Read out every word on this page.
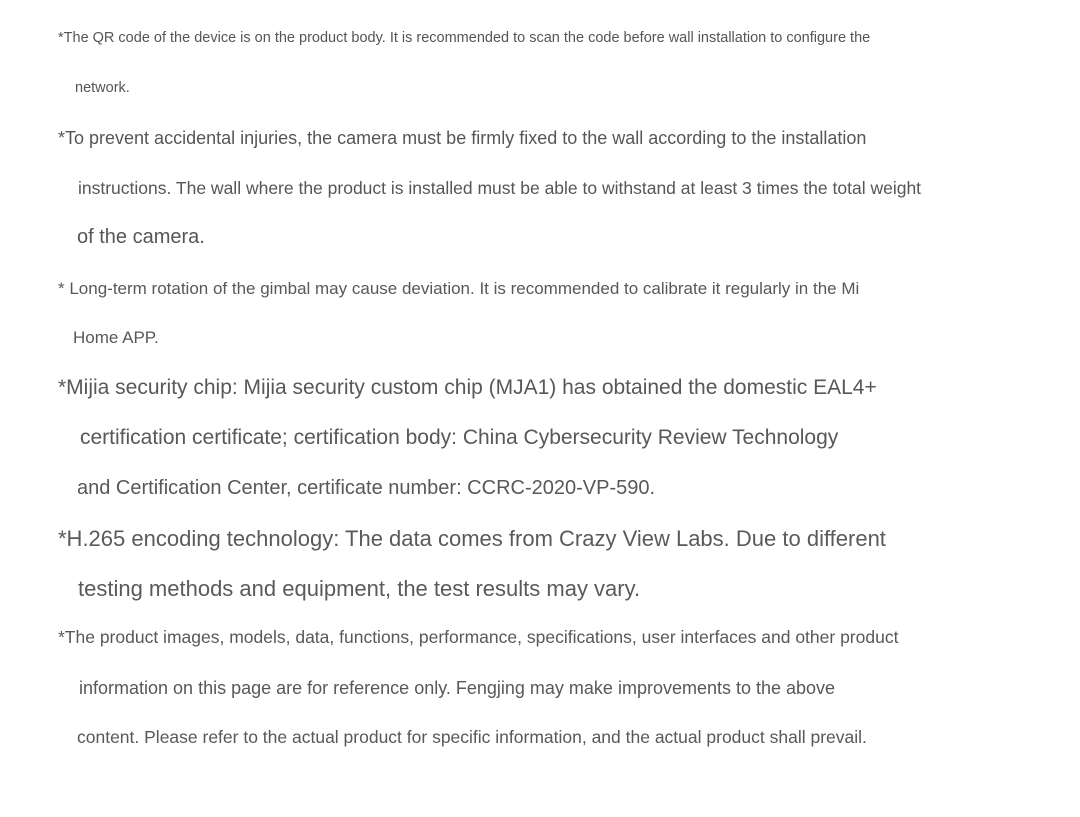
*The QR code of the device is on the product body. It is recommended to scan the code before wall installation to configure the
network.
*To prevent accidental injuries, the camera must be firmly fixed to the wall according to the installation
instructions. The wall where the product is installed must be able to withstand at least 3 times the total weight
of the camera.
* Long-term rotation of the gimbal may cause deviation. It is recommended to calibrate it regularly in the Mi
Home APP.
*Mijia security chip: Mijia security custom chip (MJA1) has obtained the domestic EAL4+
certification certificate; certification body: China Cybersecurity Review Technology
and Certification Center, certificate number: CCRC-2020-VP-590.
*H.265 encoding technology: The data comes from Crazy View Labs. Due to different
testing methods and equipment, the test results may vary.
*The product images, models, data, functions, performance, specifications, user interfaces and other product
information on this page are for reference only. Fengjing may make improvements to the above
content. Please refer to the actual product for specific information, and the actual product shall prevail.
